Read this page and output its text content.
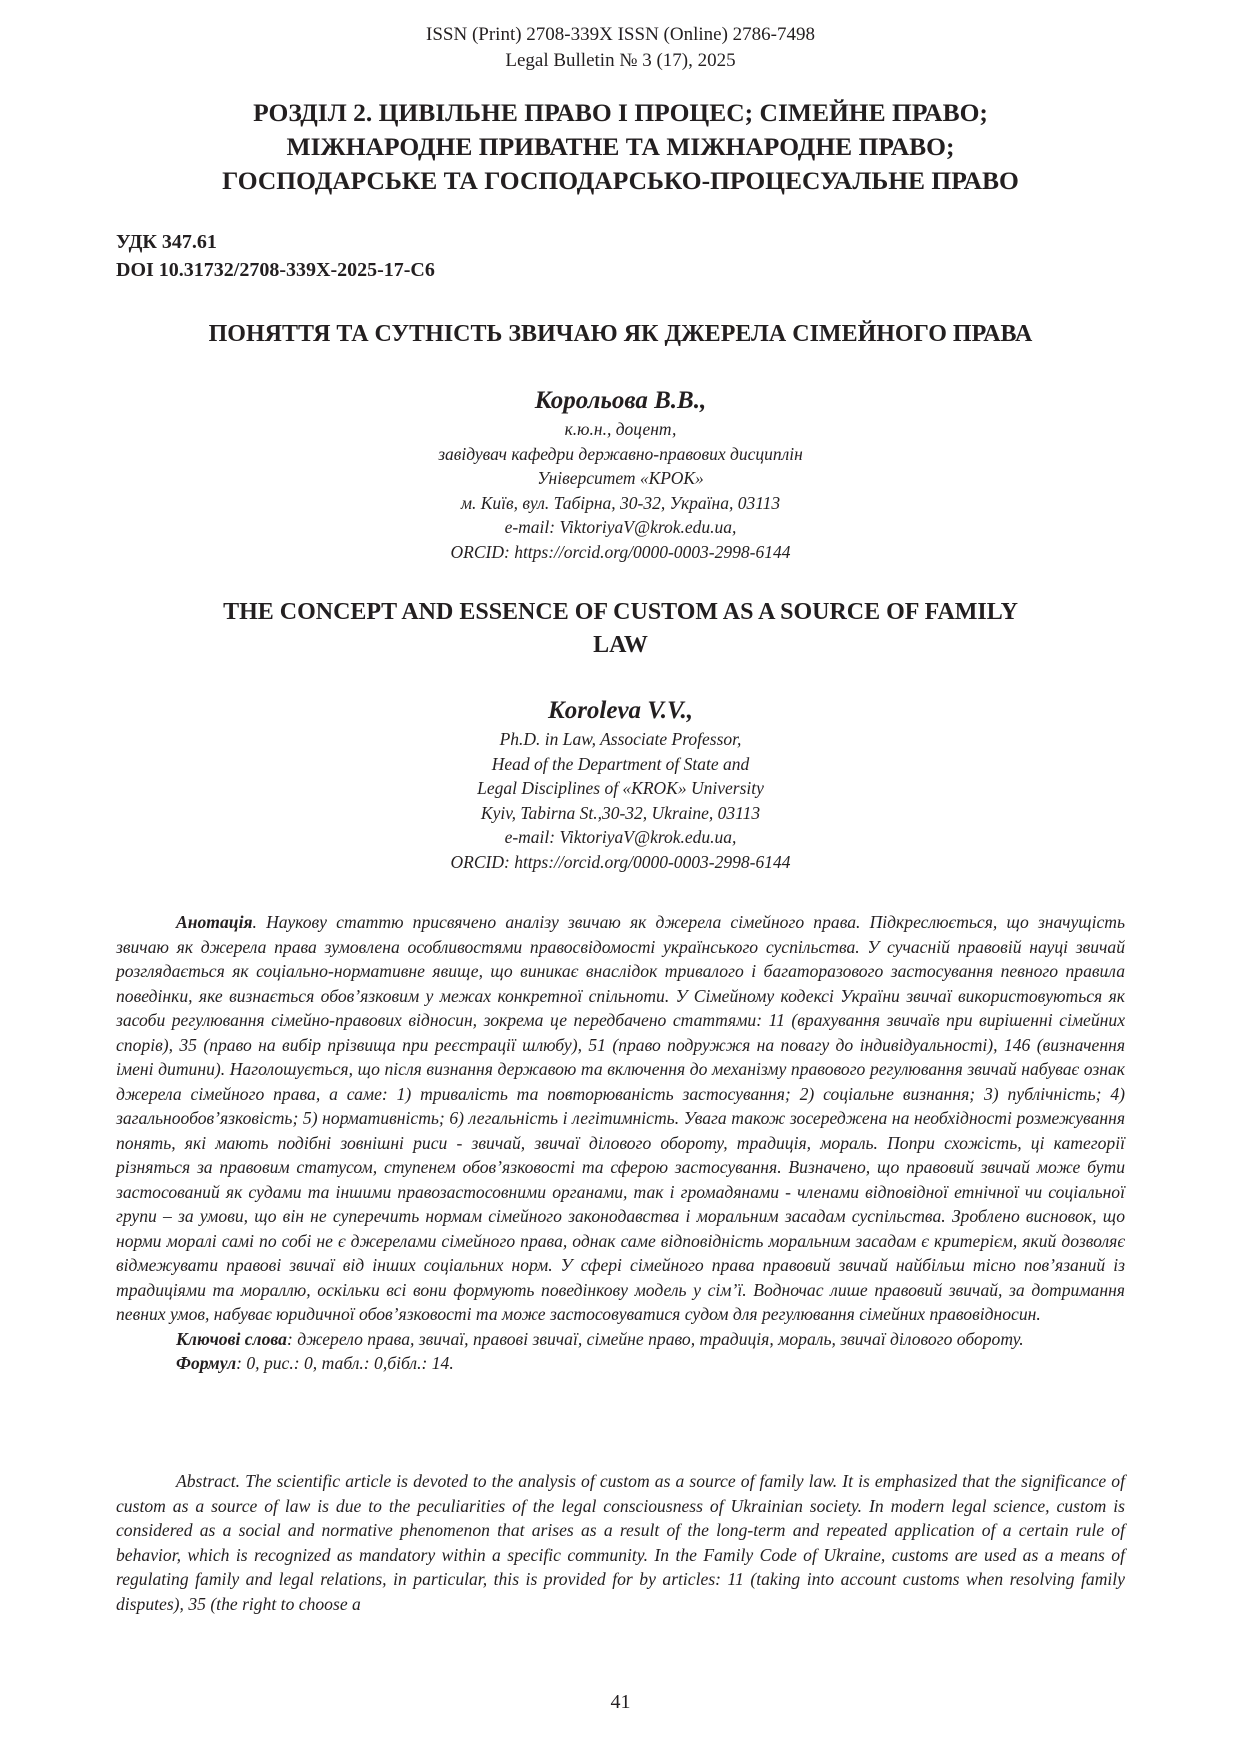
ISSN (Print) 2708-339X ISSN (Online) 2786-7498
Legal Bulletin № 3 (17), 2025
РОЗДІЛ 2. ЦИВІЛЬНЕ ПРАВО І ПРОЦЕС; СІМЕЙНЕ ПРАВО;
МІЖНАРОДНЕ ПРИВАТНЕ ТА МІЖНАРОДНЕ ПРАВО;
ГОСПОДАРСЬКЕ ТА ГОСПОДАРСЬКО-ПРОЦЕСУАЛЬНЕ ПРАВО
УДК 347.61
DOI 10.31732/2708-339X-2025-17-C6
ПОНЯТТЯ ТА СУТНІСТЬ ЗВИЧАЮ ЯК ДЖЕРЕЛА СІМЕЙНОГО ПРАВА
Корольова В.В.,
к.ю.н., доцент,
завідувач кафедри державно-правових дисциплін
Університет «КРОК»
м. Київ, вул. Табірна, 30-32, Україна, 03113
e-mail: ViktoriyaV@krok.edu.ua,
ORCID: https://orcid.org/0000-0003-2998-6144
THE CONCEPT AND ESSENCE OF CUSTOM AS A SOURCE OF FAMILY
LAW
Koroleva V.V.,
Ph.D. in Law, Associate Professor,
Head of the Department of State and
Legal Disciplines of «KROK» University
Kyiv, Tabirna St.,30-32, Ukraine, 03113
e-mail: ViktoriyaV@krok.edu.ua,
ORCID: https://orcid.org/0000-0003-2998-6144

Анотація. Наукову статтю присвячено аналізу звичаю як джерела сімейного права. Підкреслюється, що значущість звичаю як джерела права зумовлена особливостями правосвідомості українського суспільства. У сучасній правовій науці звичай розглядається як соціально-нормативне явище, що виникає внаслідок тривалого і багаторазового застосування певного правила поведінки, яке визнається обов’язковим у межах конкретної спільноти. У Сімейному кодексі України звичаї використовуються як засоби регулювання сімейно-правових відносин, зокрема це передбачено статтями: 11 (врахування звичаїв при вирішенні сімейних спорів), 35 (право на вибір прізвища при реєстрації шлюбу), 51 (право подружжя на повагу до індивідуальності), 146 (визначення імені дитини). Наголошується, що після визнання державою та включення до механізму правового регулювання звичай набуває ознак джерела сімейного права, а саме: 1) тривалість та повторюваність застосування; 2) соціальне визнання; 3) публічність; 4) загальнообов’язковість; 5) нормативність; 6) легальність і легітимність. Увага також зосереджена на необхідності розмежування понять, які мають подібні зовнішні риси - звичай, звичаї ділового обороту, традиція, мораль. Попри схожість, ці категорії різняться за правовим статусом, ступенем обов’язковості та сферою застосування. Визначено, що правовий звичай може бути застосований як судами та іншими правозастосовними органами, так і громадянами - членами відповідної етнічної чи соціальної групи – за умови, що він не суперечить нормам сімейного законодавства і моральним засадам суспільства. Зроблено висновок, що норми моралі самі по собі не є джерелами сімейного права, однак саме відповідність моральним засадам є критерієм, який дозволяє відмежувати правові звичаї від інших соціальних норм. У сфері сімейного права правовий звичай найбільш тісно пов’язаний із традиціями та мораллю, оскільки всі вони формують поведінкову модель у сім’ї. Водночас лише правовий звичай, за дотримання певних умов, набуває юридичної обов’язковості та може застосовуватися судом для регулювання сімейних правовідносин.

Ключові слова: джерело права, звичаї, правові звичаї, сімейне право, традиція, мораль, звичаї ділового обороту.

Формул: 0, рис.: 0, табл.: 0,бібл.: 14.

Abstract. The scientific article is devoted to the analysis of custom as a source of family law. It is emphasized that the significance of custom as a source of law is due to the peculiarities of the legal consciousness of Ukrainian society. In modern legal science, custom is considered as a social and normative phenomenon that arises as a result of the long-term and repeated application of a certain rule of behavior, which is recognized as mandatory within a specific community. In the Family Code of Ukraine, customs are used as a means of regulating family and legal relations, in particular, this is provided for by articles: 11 (taking into account customs when resolving family disputes), 35 (the right to choose a

41
